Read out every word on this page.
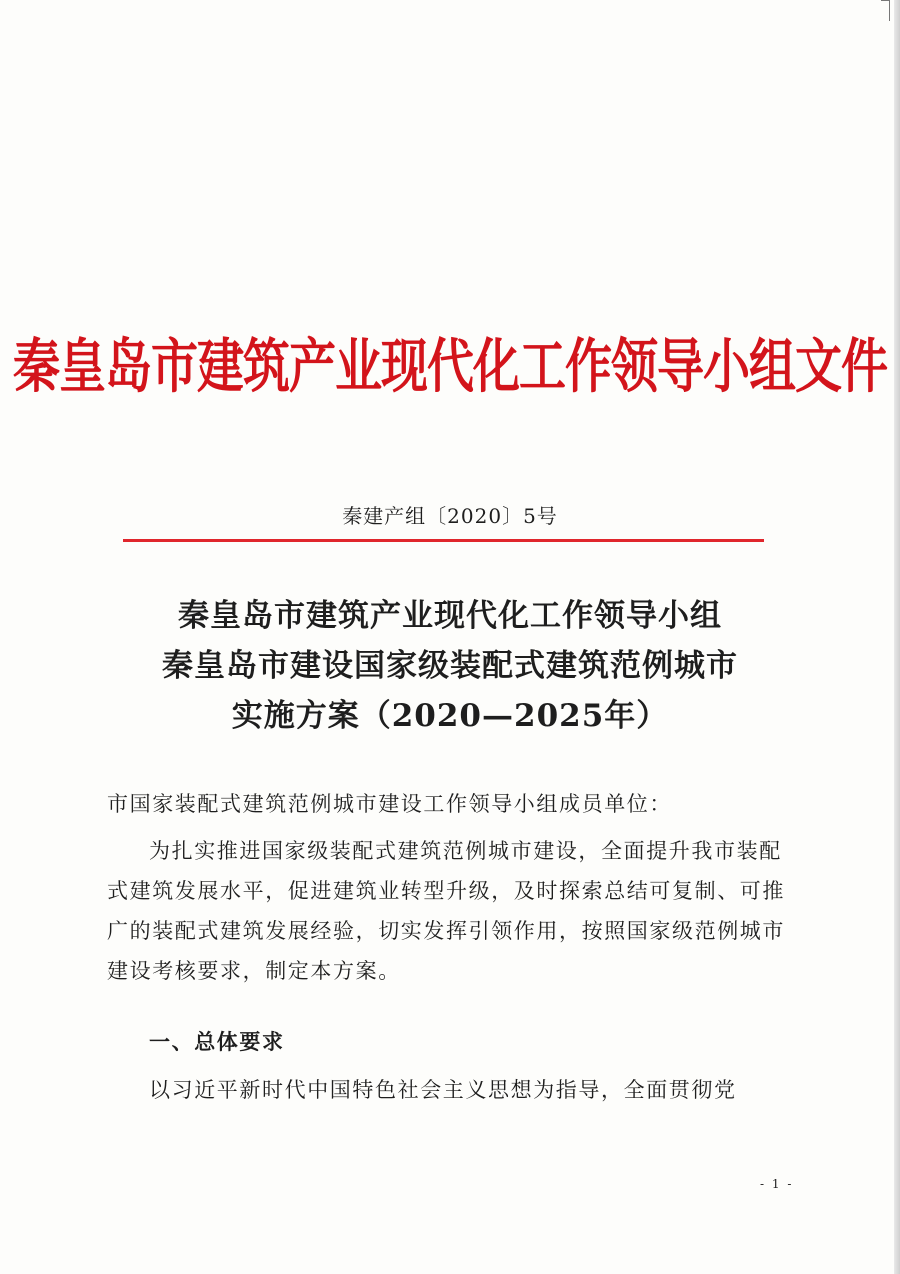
秦皇岛市建筑产业现代化工作领导小组文件
秦建产组〔2020〕5号
秦皇岛市建筑产业现代化工作领导小组
秦皇岛市建设国家级装配式建筑范例城市
实施方案（2020—2025年）
市国家装配式建筑范例城市建设工作领导小组成员单位：
为扎实推进国家级装配式建筑范例城市建设，全面提升我市装配式建筑发展水平，促进建筑业转型升级，及时探索总结可复制、可推广的装配式建筑发展经验，切实发挥引领作用，按照国家级范例城市建设考核要求，制定本方案。
一、总体要求
以习近平新时代中国特色社会主义思想为指导，全面贯彻党
- 1 -
